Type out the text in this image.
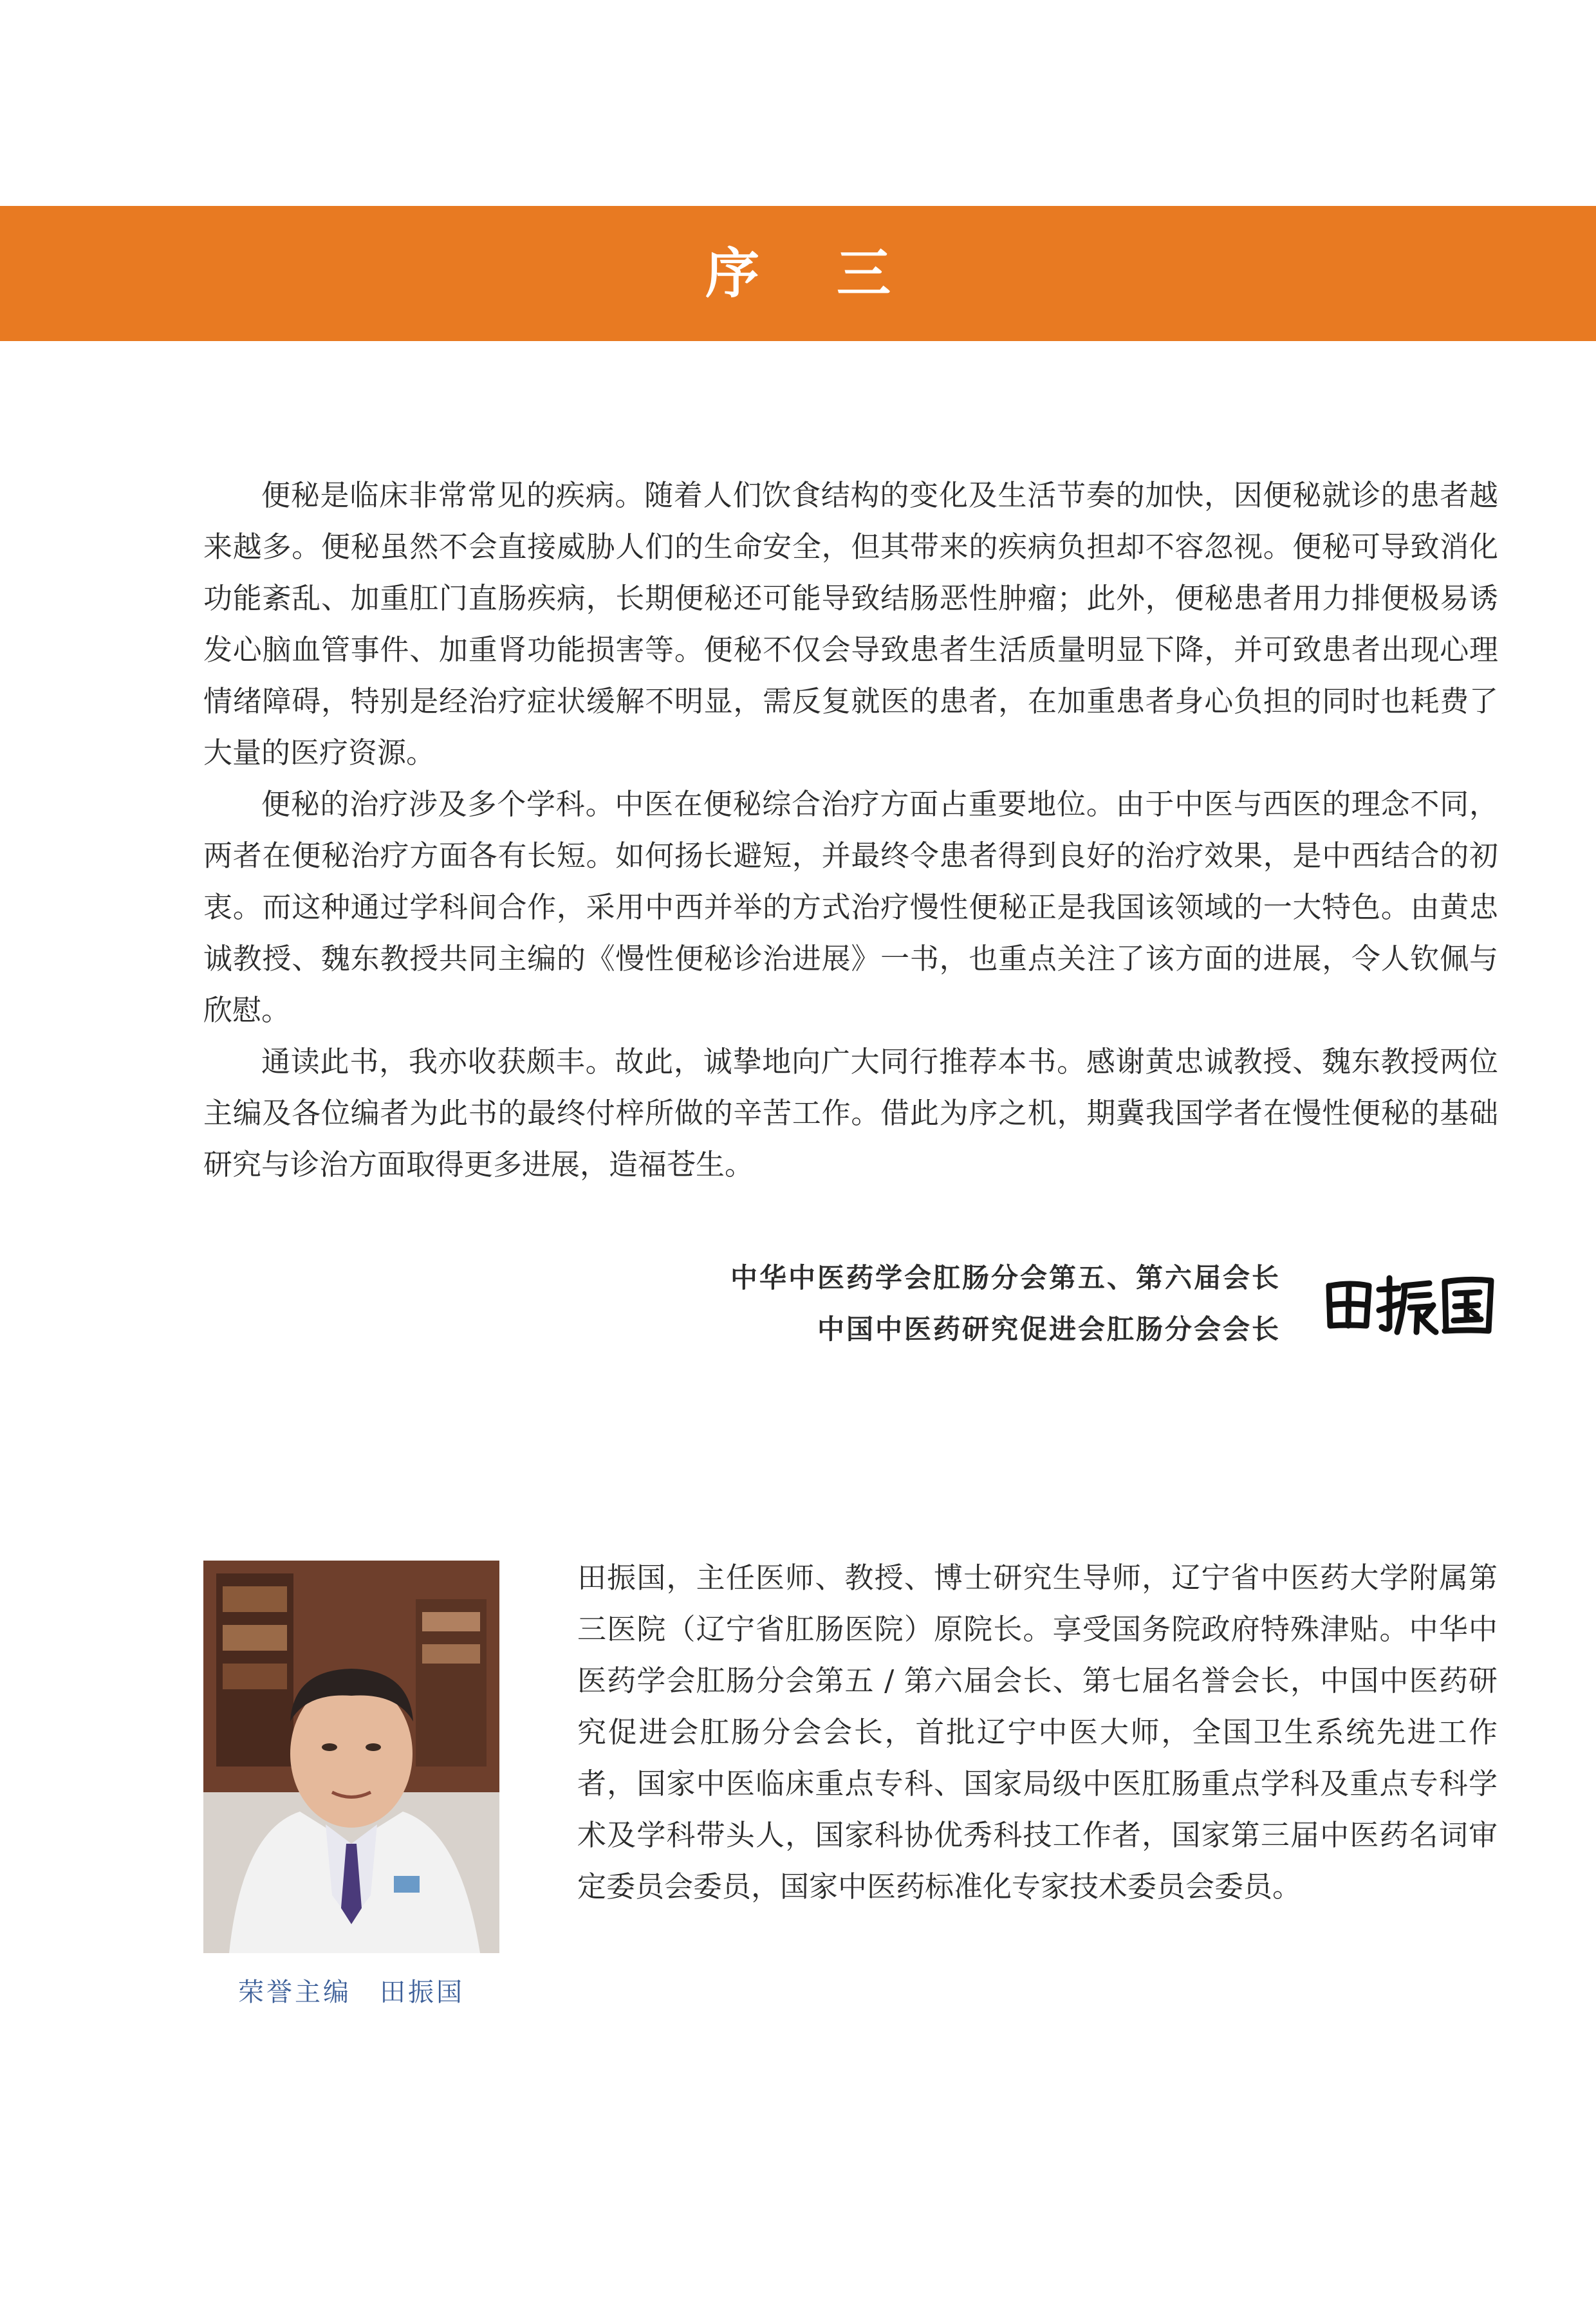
序三

便秘是临床非常常见的疾病。随着人们饮食结构的变化及生活节奏的加快，因便秘就诊的患者越来越多。便秘虽然不会直接威胁人们的生命安全，但其带来的疾病负担却不容忽视。便秘可导致消化功能紊乱、加重肛门直肠疾病，长期便秘还可能导致结肠恶性肿瘤；此外，便秘患者用力排便极易诱发心脑血管事件、加重肾功能损害等。便秘不仅会导致患者生活质量明显下降，并可致患者出现心理情绪障碍，特别是经治疗症状缓解不明显，需反复就医的患者，在加重患者身心负担的同时也耗费了大量的医疗资源。

便秘的治疗涉及多个学科。中医在便秘综合治疗方面占重要地位。由于中医与西医的理念不同，两者在便秘治疗方面各有长短。如何扬长避短，并最终令患者得到良好的治疗效果，是中西结合的初衷。而这种通过学科间合作，采用中西并举的方式治疗慢性便秘正是我国该领域的一大特色。由黄忠诚教授、魏东教授共同主编的《慢性便秘诊治进展》一书，也重点关注了该方面的进展，令人钦佩与欣慰。

通读此书，我亦收获颇丰。故此，诚挚地向广大同行推荐本书。感谢黄忠诚教授、魏东教授两位主编及各位编者为此书的最终付梓所做的辛苦工作。借此为序之机，期冀我国学者在慢性便秘的基础研究与诊治方面取得更多进展，造福苍生。

中华中医药学会肛肠分会第五、第六届会长
中国中医药研究促进会肛肠分会会长
荣誉主编　田振国
田振国，主任医师、教授、博士研究生导师，辽宁省中医药大学附属第三医院（辽宁省肛肠医院）原院长。享受国务院政府特殊津贴。中华中医药学会肛肠分会第五 / 第六届会长、第七届名誉会长，中国中医药研究促进会肛肠分会会长，首批辽宁中医大师，全国卫生系统先进工作者，国家中医临床重点专科、国家局级中医肛肠重点学科及重点专科学术及学科带头人，国家科协优秀科技工作者，国家第三届中医药名词审定委员会委员，国家中医药标准化专家技术委员会委员。
